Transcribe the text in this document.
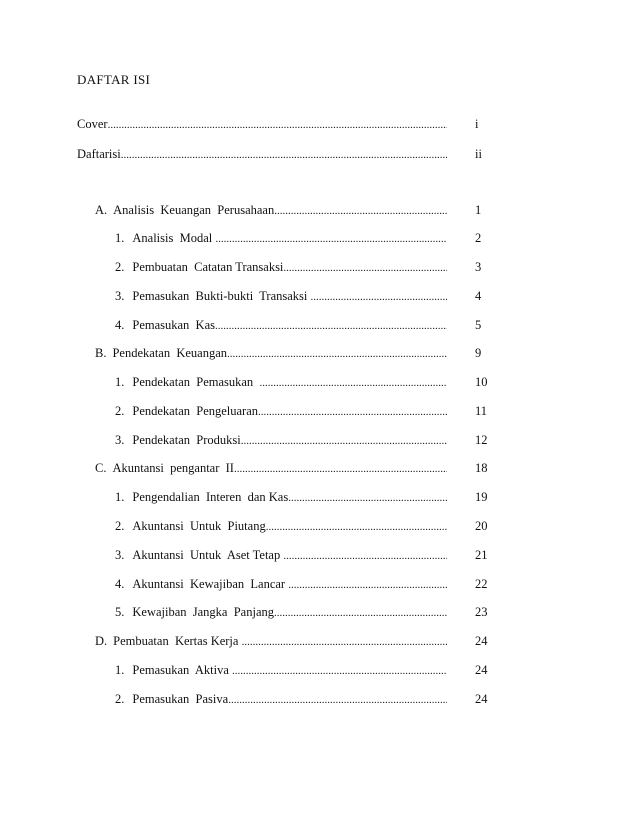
DAFTAR ISI
Cover .....	i
Daftarisi .....	ii
A. Analisis  Keuangan  Perusahaan .....	1
1. Analisis  Modal .....	2
2. Pembuatan  Catatan Transaksi .....	3
3. Pemasukan  Bukti-bukti  Transaksi .....	4
4. Pemasukan  Kas .....	5
B. Pendekatan  Keuangan .....	9
1. Pendekatan  Pemasukan .....	10
2. Pendekatan  Pengeluaran .....	11
3. Pendekatan  Produksi .....	12
C. Akuntansi  pengantar  II .....	18
1. Pengendalian  Interen  dan Kas .....	19
2. Akuntansi  Untuk  Piutang .....	20
3. Akuntansi  Untuk  Aset Tetap .....	21
4. Akuntansi  Kewajiban  Lancar .....	22
5. Kewajiban  Jangka  Panjang .....	23
D. Pembuatan  Kertas Kerja .....	24
1. Pemasukan  Aktiva .....	24
2. Pemasukan  Pasiva .....	24
